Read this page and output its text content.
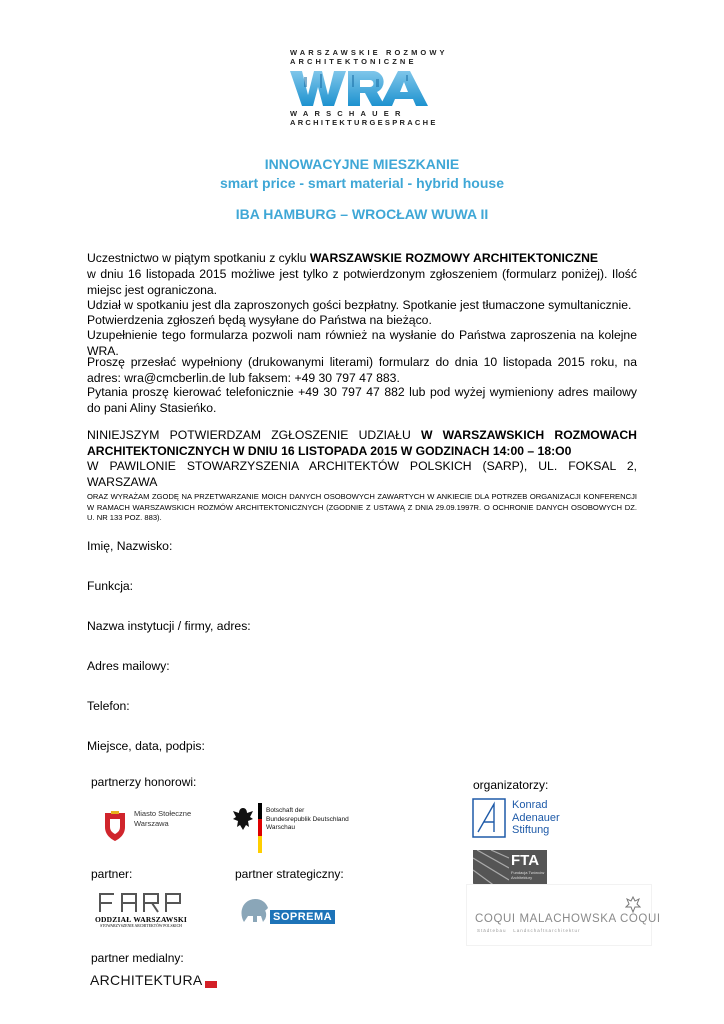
WARSZAWSKIE ROZMOWY
ARCHITEKTONICZNE
WARSCHAUER
ARCHITEKTURGESPRACHE
INNOWACYJNE MIESZKANIE
smart price - smart material - hybrid house
IBA HAMBURG – WROCŁAW WUWA II
Uczestnictwo w piątym spotkaniu z cyklu WARSZAWSKIE ROZMOWY ARCHITEKTONICZNE
w dniu 16 listopada 2015 możliwe jest tylko z potwierdzonym zgłoszeniem (formularz poniżej). Ilość miejsc jest ograniczona.
Udział w spotkaniu jest dla zaproszonych gości bezpłatny. Spotkanie jest tłumaczone symultanicznie.
Potwierdzenia zgłoszeń będą wysyłane do Państwa na bieżąco.
Uzupełnienie tego formularza pozwoli nam również na wysłanie do Państwa zaproszenia na kolejne WRA.
Proszę przesłać wypełniony (drukowanymi literami) formularz do dnia 10 listopada 2015 roku, na adres: wra@cmcberlin.de lub faksem: +49 30 797 47 883.
Pytania proszę kierować telefonicznie +49 30 797 47 882 lub pod wyżej wymieniony adres mailowy do pani Aliny Stasieńko.
NINIEJSZYM POTWIERDZAM ZGŁOSZENIE UDZIAŁU W WARSZAWSKICH ROZMOWACH ARCHITEKTONICZNYCH W DNIU 16 LISTOPADA 2015 W GODZINACH 14:00 – 18:O0
W PAWILONIE STOWARZYSZENIA ARCHITEKTÓW POLSKICH (SARP), UL. FOKSAL 2, WARSZAWA
ORAZ WYRAŻAM ZGODĘ NA PRZETWARZANIE MOICH DANYCH OSOBOWYCH ZAWARTYCH W ANKIECIE DLA POTRZEB ORGANIZACJI KONFERENCJI W RAMACH WARSZAWSKICH ROZMÓW ARCHITEKTONICZNYCH (ZGODNIE Z USTAWĄ Z DNIA 29.09.1997R. O OCHRONIE DANYCH OSOBOWYCH DZ. U. NR 133 POZ. 883).
Imię, Nazwisko:
Funkcja:
Nazwa instytucji / firmy, adres:
Adres mailowy:
Telefon:
Miejsce, data, podpis:
partnerzy honorowi:	organizatorzy:
Miasto Stołeczne Warszawa
Botschaft der
Bundesrepublik Deutschland
Warschau
Konrad
Adenauer
Stiftung
FTA
Fundacja Twórców Architektury
partner:	partner strategiczny:
ODDZIAŁ WARSZAWSKI
STOWARZYSZENIE ARCHITEKTÓW POLSKICH
SOPREMA	COQUI MALACHOWSKA COQUI
Städtebau   Landschaftsarchitektur
partner medialny:
ARCHITEKTURA
